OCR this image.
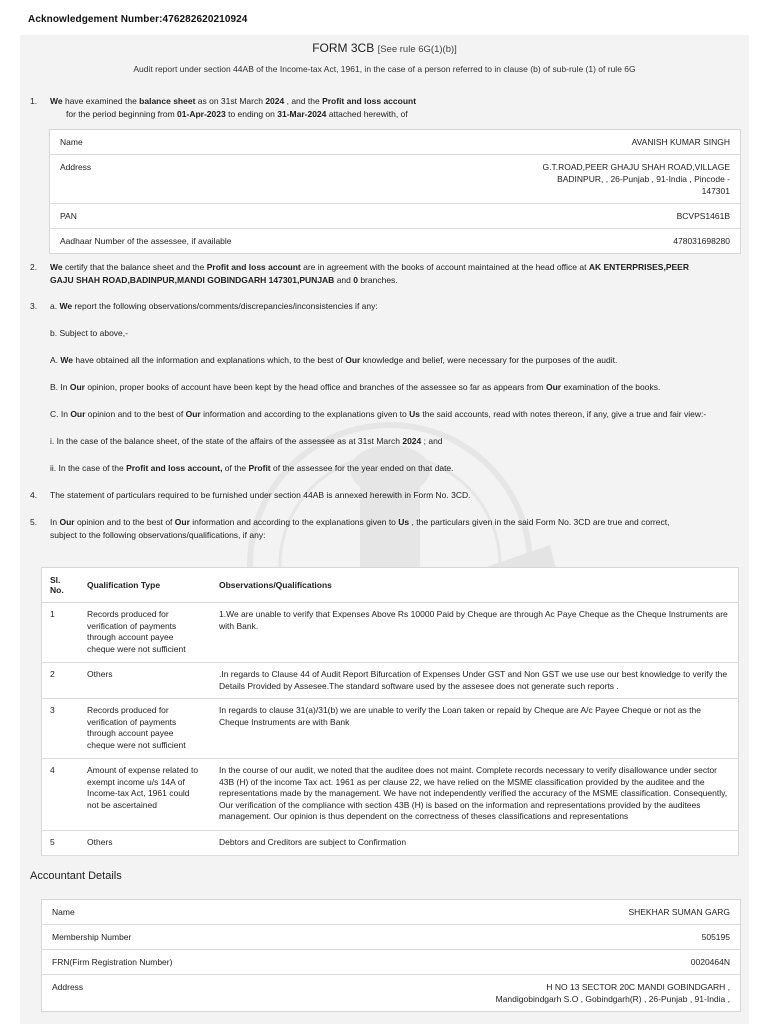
Acknowledgement Number:476282620210924
FORM 3CB [See rule 6G(1)(b)]
Audit report under section 44AB of the Income-tax Act, 1961, in the case of a person referred to in clause (b) of sub-rule (1) of rule 6G
1. We have examined the balance sheet as on 31st March 2024 , and the Profit and loss account
for the period beginning from 01-Apr-2023 to ending on 31-Mar-2024 attached herewith, of
Name	AVANISH KUMAR SINGH
Address	G.T.ROAD,PEER GHAJU SHAH ROAD,VILLAGE
BADINPUR, , 26-Punjab , 91-India , Pincode -
147301
PAN	BCVPS1461B
Aadhaar Number of the assessee, if available	478031698280
2. We certify that the balance sheet and the Profit and loss account are in agreement with the books of account maintained at the head office at AK ENTERPRISES,PEER
GAJU SHAH ROAD,BADINPUR,MANDI GOBINDGARH 147301,PUNJAB and 0 branches.
3. a. We report the following observations/comments/discrepancies/inconsistencies if any:
b. Subject to above,-
A. We have obtained all the information and explanations which, to the best of Our knowledge and belief, were necessary for the purposes of the audit.
B. In Our opinion, proper books of account have been kept by the head office and branches of the assessee so far as appears from Our examination of the books.
C. In Our opinion and to the best of Our information and according to the explanations given to Us the said accounts, read with notes thereon, if any, give a true and fair view:-
i. In the case of the balance sheet, of the state of the affairs of the assessee as at 31st March 2024 ; and
ii. In the case of the Profit and loss account, of the Profit of the assessee for the year ended on that date.
4. The statement of particulars required to be furnished under section 44AB is annexed herewith in Form No. 3CD.
5. In Our opinion and to the best of Our information and according to the explanations given to Us , the particulars given in the said Form No. 3CD are true and correct,
subject to the following observations/qualifications, if any:
Sl. No.	Qualification Type	Observations/Qualifications
1	Records produced for verification of payments through account payee cheque were not sufficient	1.We are unable to verify that Expenses Above Rs 10000 Paid by Cheque are through Ac Paye Cheque as the Cheque Instruments are with Bank.
2	Others	.In regards to Clause 44 of Audit Report Bifurcation of Expenses Under GST and Non GST we use use our best knowledge to verify the Details Provided by Assesee.The standard software used by the assesee does not generate such reports .
3	Records produced for verification of payments through account payee cheque were not sufficient	In regards to clause 31(a)/31(b) we are unable to verify the Loan taken or repaid by Cheque are A/c Payee Cheque or not as the Cheque Instruments are with Bank
4	Amount of expense related to exempt income u/s 14A of Income-tax Act, 1961 could not be ascertained	In the course of our audit, we noted that the auditee does not maint. Complete records necessary to verify disallowance under sector 43B (H) of the income Tax act. 1961 as per clause 22, we have relied on the MSME classification provided by the auditee and the representations made by the management. We have not independently verified the accuracy of the MSME classification. Consequently, Our verification of the compliance with section 43B (H) is based on the information and representations provided by the auditees management. Our opinion is thus dependent on the correctness of theses classifications and representations
5	Others	Debtors and Creditors are subject to Confirmation
Accountant Details
Name	SHEKHAR SUMAN GARG
Membership Number	505195
FRN(Firm Registration Number)	0020464N
Address	H NO 13 SECTOR 20C MANDI GOBINDGARH ,
Mandigobindgarh S.O , Gobindgarh(R) , 26-Punjab , 91-India ,
